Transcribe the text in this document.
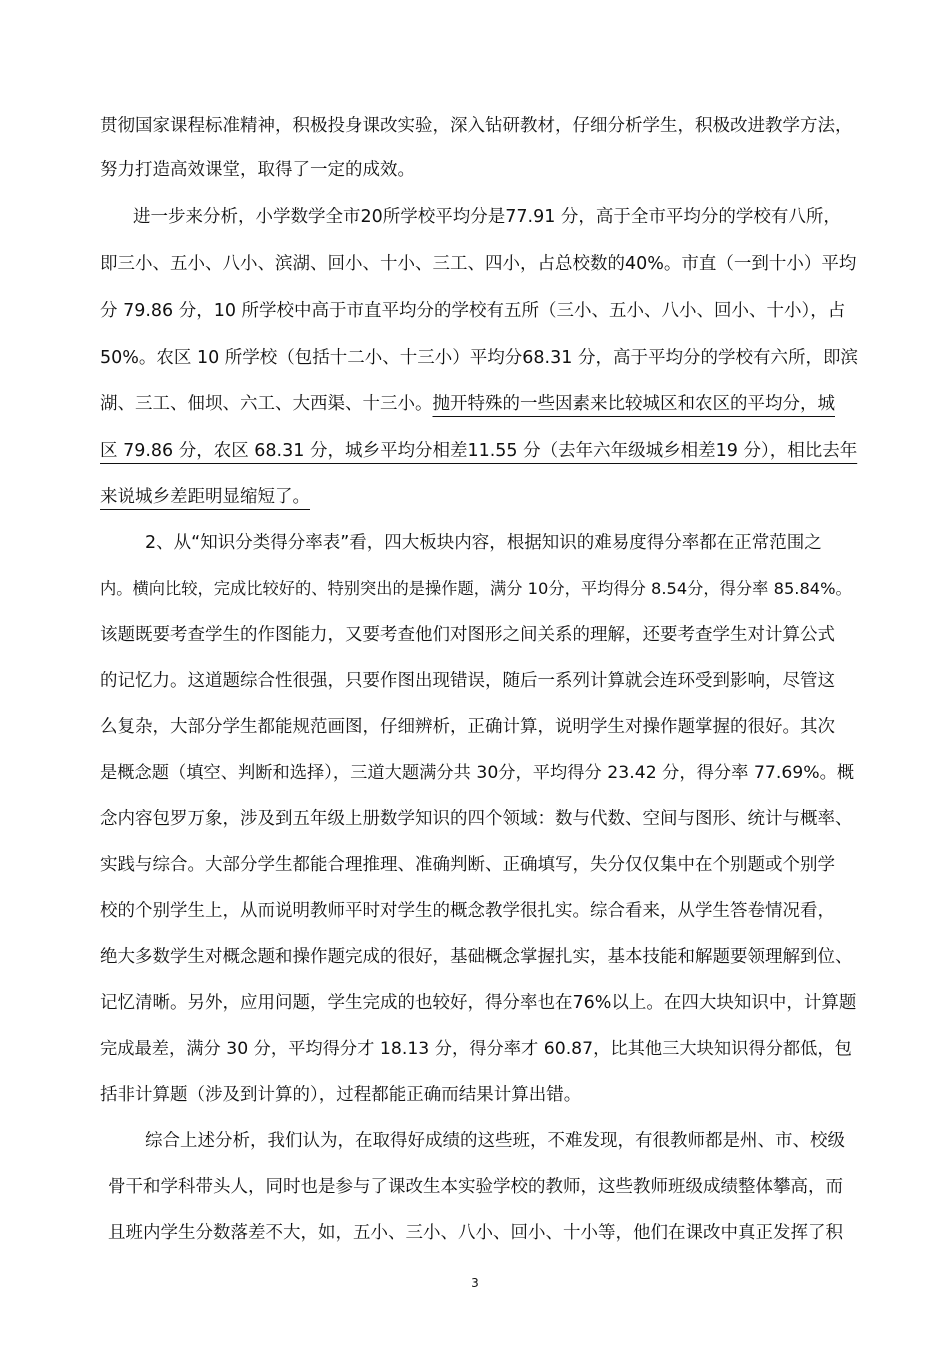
贯彻国家课程标准精神，积极投身课改实验，深入钻研教材，仔细分析学生，积极改进教学方法，

努力打造高效课堂，取得了一定的成效。

进一步来分析，小学数学全市20所学校平均分是77.91 分，高于全市平均分的学校有八所，

即三小、五小、八小、滨湖、回小、十小、三工、四小，占总校数的40%。市直（一到十小）平均

分 79.86 分，10 所学校中高于市直平均分的学校有五所（三小、五小、八小、回小、十小），占

50%。农区 10 所学校（包括十二小、十三小）平均分68.31 分，高于平均分的学校有六所，即滨

湖、三工、佃坝、六工、大西渠、十三小。抛开特殊的一些因素来比较城区和农区的平均分，城

区 79.86 分，农区 68.31 分，城乡平均分相差11.55 分（去年六年级城乡相差19 分），相比去年

来说城乡差距明显缩短了。

2、从“知识分类得分率表”看，四大板块内容，根据知识的难易度得分率都在正常范围之

内。横向比较，完成比较好的、特别突出的是操作题，满分 10分，平均得分 8.54分，得分率 85.84%。

该题既要考查学生的作图能力，又要考查他们对图形之间关系的理解，还要考查学生对计算公式

的记忆力。这道题综合性很强，只要作图出现错误，随后一系列计算就会连环受到影响，尽管这

么复杂，大部分学生都能规范画图，仔细辨析，正确计算，说明学生对操作题掌握的很好。其次

是概念题（填空、判断和选择），三道大题满分共 30分，平均得分 23.42 分，得分率 77.69%。概

念内容包罗万象，涉及到五年级上册数学知识的四个领域：数与代数、空间与图形、统计与概率、

实践与综合。大部分学生都能合理推理、准确判断、正确填写，失分仅仅集中在个别题或个别学

校的个别学生上，从而说明教师平时对学生的概念教学很扎实。综合看来，从学生答卷情况看，

绝大多数学生对概念题和操作题完成的很好，基础概念掌握扎实，基本技能和解题要领理解到位、

记忆清晰。另外，应用问题，学生完成的也较好，得分率也在76%以上。在四大块知识中，计算题

完成最差，满分 30 分，平均得分才 18.13 分，得分率才 60.87，比其他三大块知识得分都低，包

括非计算题（涉及到计算的），过程都能正确而结果计算出错。

综合上述分析，我们认为，在取得好成绩的这些班，不难发现，有很教师都是州、市、校级

骨干和学科带头人，同时也是参与了课改生本实验学校的教师，这些教师班级成绩整体攀高，而

且班内学生分数落差不大，如，五小、三小、八小、回小、十小等，他们在课改中真正发挥了积

3
